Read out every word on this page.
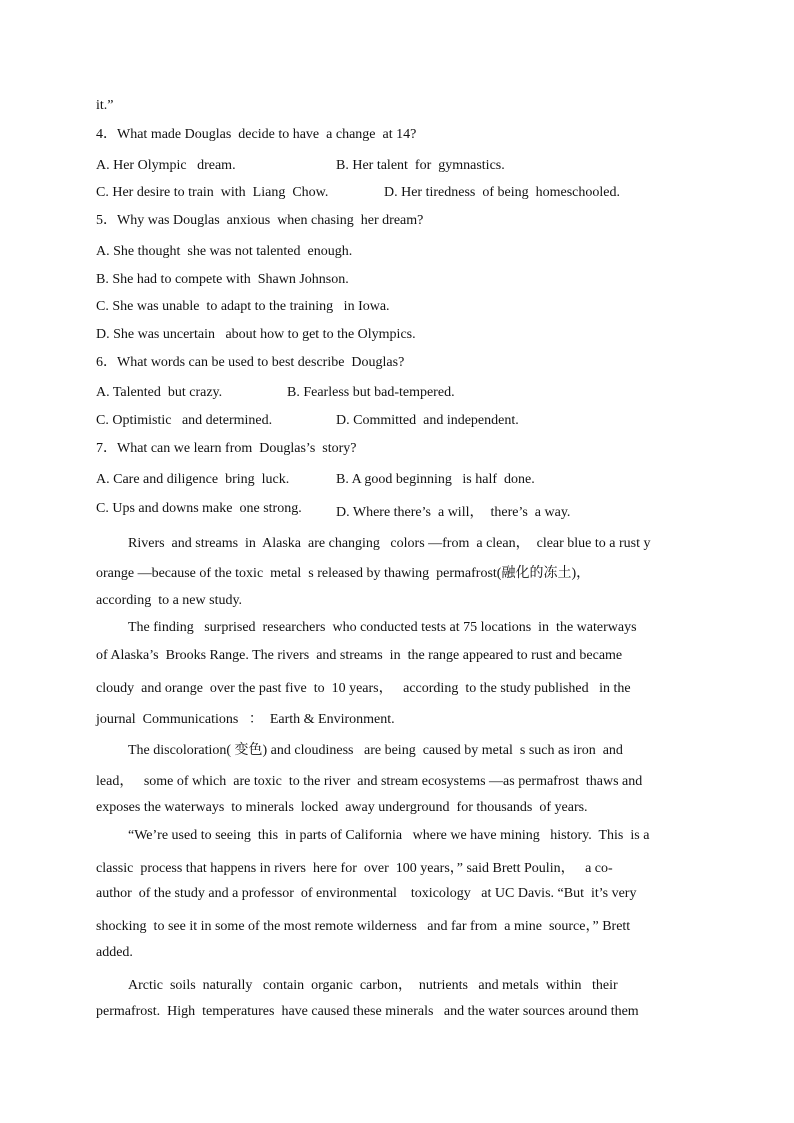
it.”
4．What made Douglas  decide to have  a change  at 14?
A. Her Olympic   dream.	B. Her talent  for  gymnastics.
C. Her desire to train  with  Liang  Chow.	D. Her tiredness  of being  homeschooled.
5．Why was Douglas  anxious  when chasing  her dream?
A. She thought  she was not talented  enough.
B. She had to compete with  Shawn Johnson.
C. She was unable  to adapt to the training   in Iowa.
D. She was uncertain   about how to get to the Olympics.
6．What words can be used to best describe  Douglas?
A. Talented  but crazy.	B. Fearless but bad-tempered.
C. Optimistic   and determined.	D. Committed  and independent.
7．What can we learn from  Douglas’s  story?
A. Care and diligence  bring  luck.	B. A good beginning   is half  done.
C. Ups and downs make  one strong. D. Where there’s  a will，  there’s  a way.
Rivers  and streams  in  Alaska  are changing   colors —from  a clean，  clear blue to a rust y
orange —because of the toxic  metal  s released by thawing  permafrost(融化的冻土)，
according  to a new study.
The finding   surprised  researchers  who conducted tests at 75 locations  in  the waterways
of Alaska’s  Brooks Range. The rivers  and streams  in  the range appeared to rust and became
cloudy  and orange  over the past five  to  10 years，   according  to the study published   in the
journal  Communications   ：  Earth & Environment.
The discoloration( 变色) and cloudiness   are being  caused by metal  s such as iron  and
lead，   some of which  are toxic  to the river  and stream ecosystems —as permafrost  thaws and
exposes the waterways  to minerals  locked  away underground  for thousands  of years.
“We’re used to seeing  this  in parts of California   where we have mining   history.  This  is a
classic  process that happens in rivers  here for  over  100 years，” said Brett Poulin，   a co-
author  of the study and a professor  of environmental    toxicology   at UC Davis. “But  it’s very
shocking  to see it in some of the most remote wilderness   and far from  a mine  source，” Brett
added.
Arctic  soils  naturally   contain  organic  carbon，  nutrients   and metals  within   their
permafrost.  High  temperatures  have caused these minerals   and the water sources around them
